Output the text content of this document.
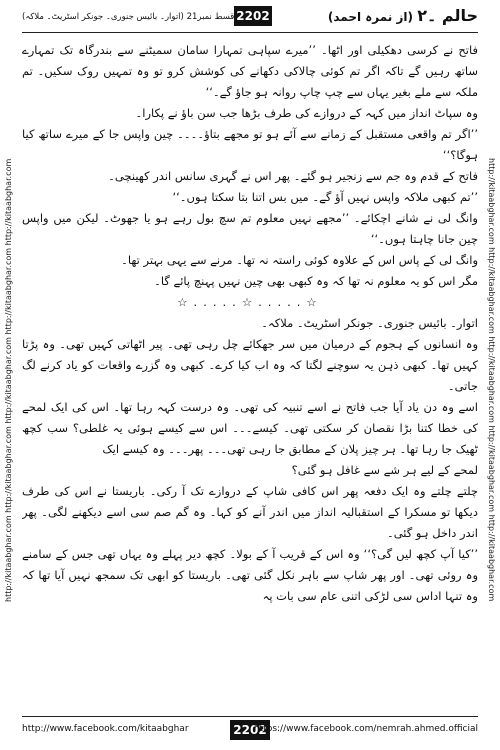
حالم ۔۲ (از نمرہ احمد)
2202
قسط نمبر21 (اتوار۔ بائیس جنوری۔ جونکر اسٹریٹ۔ ملاکہ)
http://kitaabghar.com http://kitaabghar.com http://kitaabghar.com http://kitaabghar.com http://kitaabghar.com	http://kitaabghar.com http://kitaabghar.com http://kitaabghar.com http://kitaabghar.com http://kitaabghar.com

فاتح نے کرسی دھکیلی اور اٹھا۔ ’’میرے سپاہی تمہارا سامان سمیٹنے سے بندرگاہ تک تمہارے ساتھ رہیں گے تاکہ اگر تم کوئی چالاکی دکھانے کی کوشش کرو تو وہ تمہیں روک سکیں۔ تم ملکہ سے ملے بغیر یہاں سے چپ چاپ روانہ ہو جاؤ گے۔‘‘

وہ سپاٹ انداز میں کہہ کے دروازے کی طرف بڑھا جب سن باؤ نے پکارا۔

’’اگر تم واقعی مستقبل کے زمانے سے آئے ہو تو مجھے بتاؤ۔۔۔۔ چین واپس جا کے میرے ساتھ کیا ہوگا؟‘‘

فاتح کے قدم وہ جم سے زنجیر ہو گئے۔ پھر اس نے گہری سانس اندر کھینچی۔

’’تم کبھی ملاکہ واپس نہیں آؤ گے۔ میں بس اتنا بتا سکتا ہوں۔‘‘

وانگ لی نے شانے اچکائے۔ ’’مجھے نہیں معلوم تم سچ بول رہے ہو یا جھوٹ۔ لیکن میں واپس چین جانا چاہتا ہوں۔‘‘

وانگ لی کے پاس اس کے علاوہ کوئی راستہ نہ تھا۔ مرنے سے یہی بہتر تھا۔

مگر اس کو یہ معلوم نہ تھا کہ وہ کبھی بھی چین نہیں پہنچ پائے گا۔

☆.....☆.....☆

اتوار۔ بائیس جنوری۔ جونکر اسٹریٹ۔ ملاکہ۔

وہ انسانوں کے ہجوم کے درمیان میں سر جھکائے چل رہی تھی۔ پیر اٹھاتی کہیں تھی۔ وہ پڑتا کہیں تھا۔ کبھی ذہن یہ سوچنے لگتا کہ وہ اب کیا کرے۔ کبھی وہ گزرے واقعات کو یاد کرنے لگ جاتی۔

اسے وہ دن یاد آیا جب فاتح نے اسے تنبیہ کی تھی۔ وہ درست کہہ رہا تھا۔ اس کی ایک لمحے کی خطا کتنا بڑا نقصان کر سکتی تھی۔ کیسے۔۔۔ اس سے کیسے ہوئی یہ غلطی؟ سب کچھ ٹھیک جا رہا تھا۔ ہر چیز پلان کے مطابق جا رہی تھی۔۔۔ پھر۔۔۔ وہ کیسے ایک

لمحے کے لیے ہر شے سے غافل ہو گئی؟

چلتے چلتے وہ ایک دفعہ پھر اس کافی شاپ کے دروازے تک آ رکی۔ باریستا نے اس کی طرف دیکھا تو مسکرا کے استقبالیہ انداز میں اندر آنے کو کہا۔ وہ گم صم سی اسے دیکھنے لگی۔ پھر اندر داخل ہو گئی۔

’’کیا آپ کچھ لیں گی؟‘‘ وہ اس کے قریب آ کے بولا۔ کچھ دیر پہلے وہ یہاں تھی جس کے سامنے وہ روئی تھی۔ اور پھر شاپ سے باہر نکل گئی تھی۔ باریستا کو ابھی تک سمجھ نہیں آیا تھا کہ وہ تنہا اداس سی لڑکی اتنی عام سی بات پہ

http://www.facebook.com/kitaabghar	2202
https://www.facebook.com/nemrah.ahmed.official
